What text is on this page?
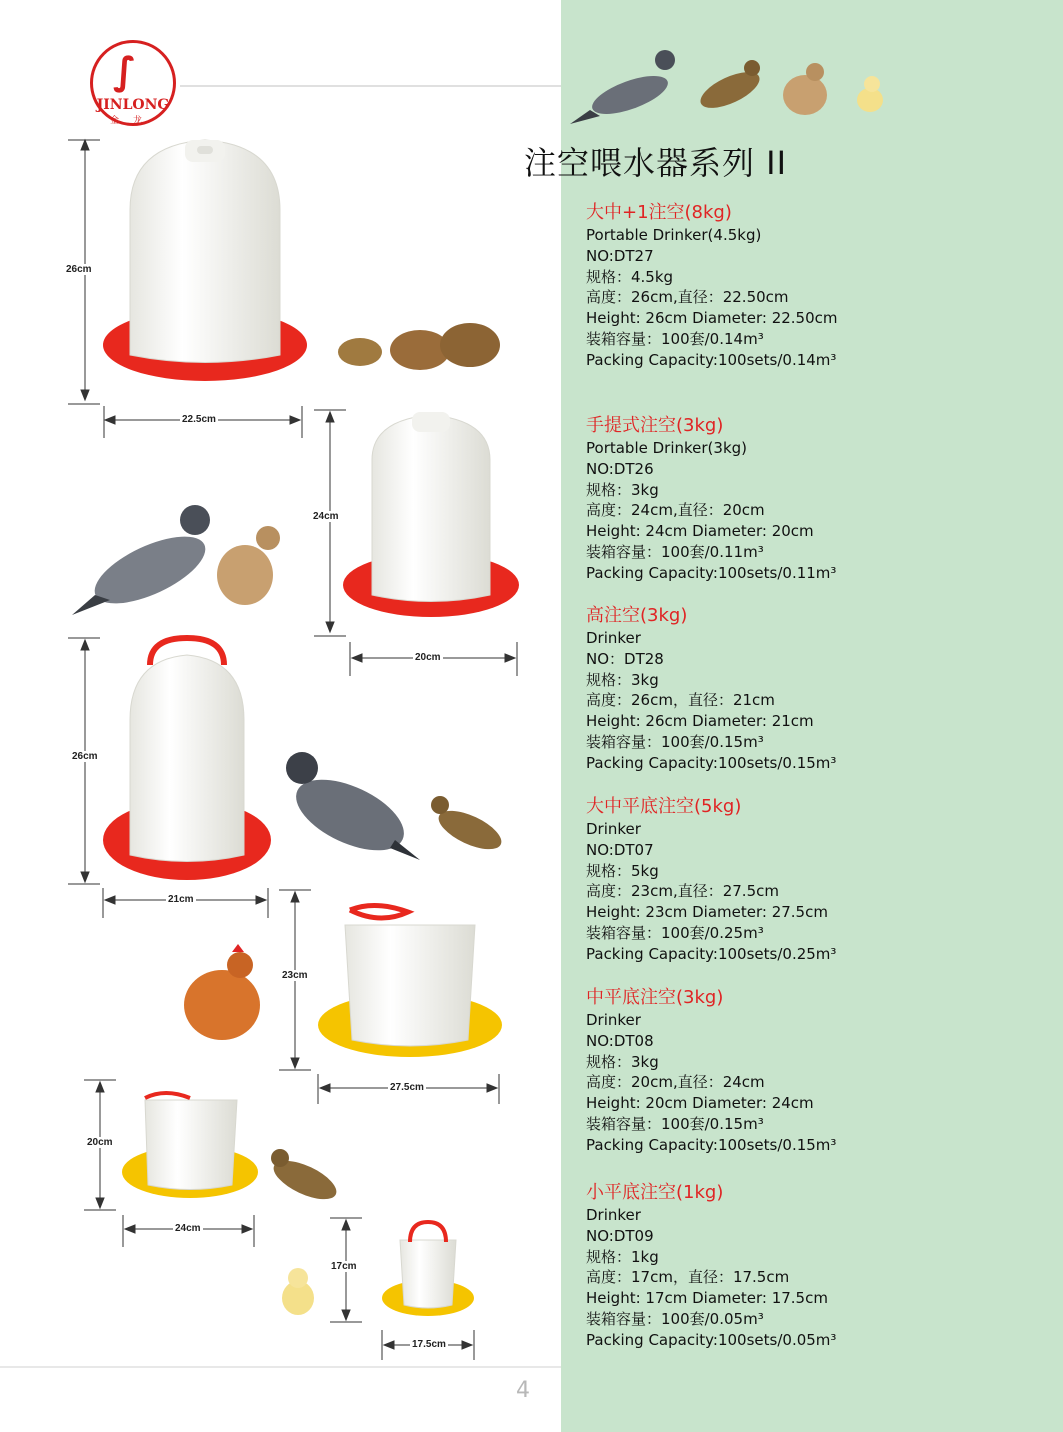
∫
JINLONG
金龙
26cm
22.5cm
24cm
20cm
26cm
21cm
23cm
27.5cm
20cm
24cm
17cm
17.5cm
注空喂水器系列 II
大中+1注空(8kg)
Portable Drinker(4.5kg)
NO:DT27
规格：4.5kg
高度：26cm,直径：22.50cm
Height: 26cm Diameter: 22.50cm
装箱容量：100套/0.14m³
Packing Capacity:100sets/0.14m³
手提式注空(3kg)
Portable Drinker(3kg)
NO:DT26
规格：3kg
高度：24cm,直径：20cm
Height: 24cm Diameter: 20cm
装箱容量：100套/0.11m³
Packing Capacity:100sets/0.11m³
高注空(3kg)
Drinker
NO：DT28
规格：3kg
高度：26cm，直径：21cm
Height: 26cm Diameter: 21cm
装箱容量：100套/0.15m³
Packing Capacity:100sets/0.15m³
大中平底注空(5kg)
Drinker
NO:DT07
规格：5kg
高度：23cm,直径：27.5cm
Height: 23cm Diameter: 27.5cm
装箱容量：100套/0.25m³
Packing Capacity:100sets/0.25m³
中平底注空(3kg)
Drinker
NO:DT08
规格：3kg
高度：20cm,直径：24cm
Height: 20cm Diameter: 24cm
装箱容量：100套/0.15m³
Packing Capacity:100sets/0.15m³
小平底注空(1kg)
Drinker
NO:DT09
规格：1kg
高度：17cm，直径：17.5cm
Height: 17cm Diameter: 17.5cm
装箱容量：100套/0.05m³
Packing Capacity:100sets/0.05m³
4
